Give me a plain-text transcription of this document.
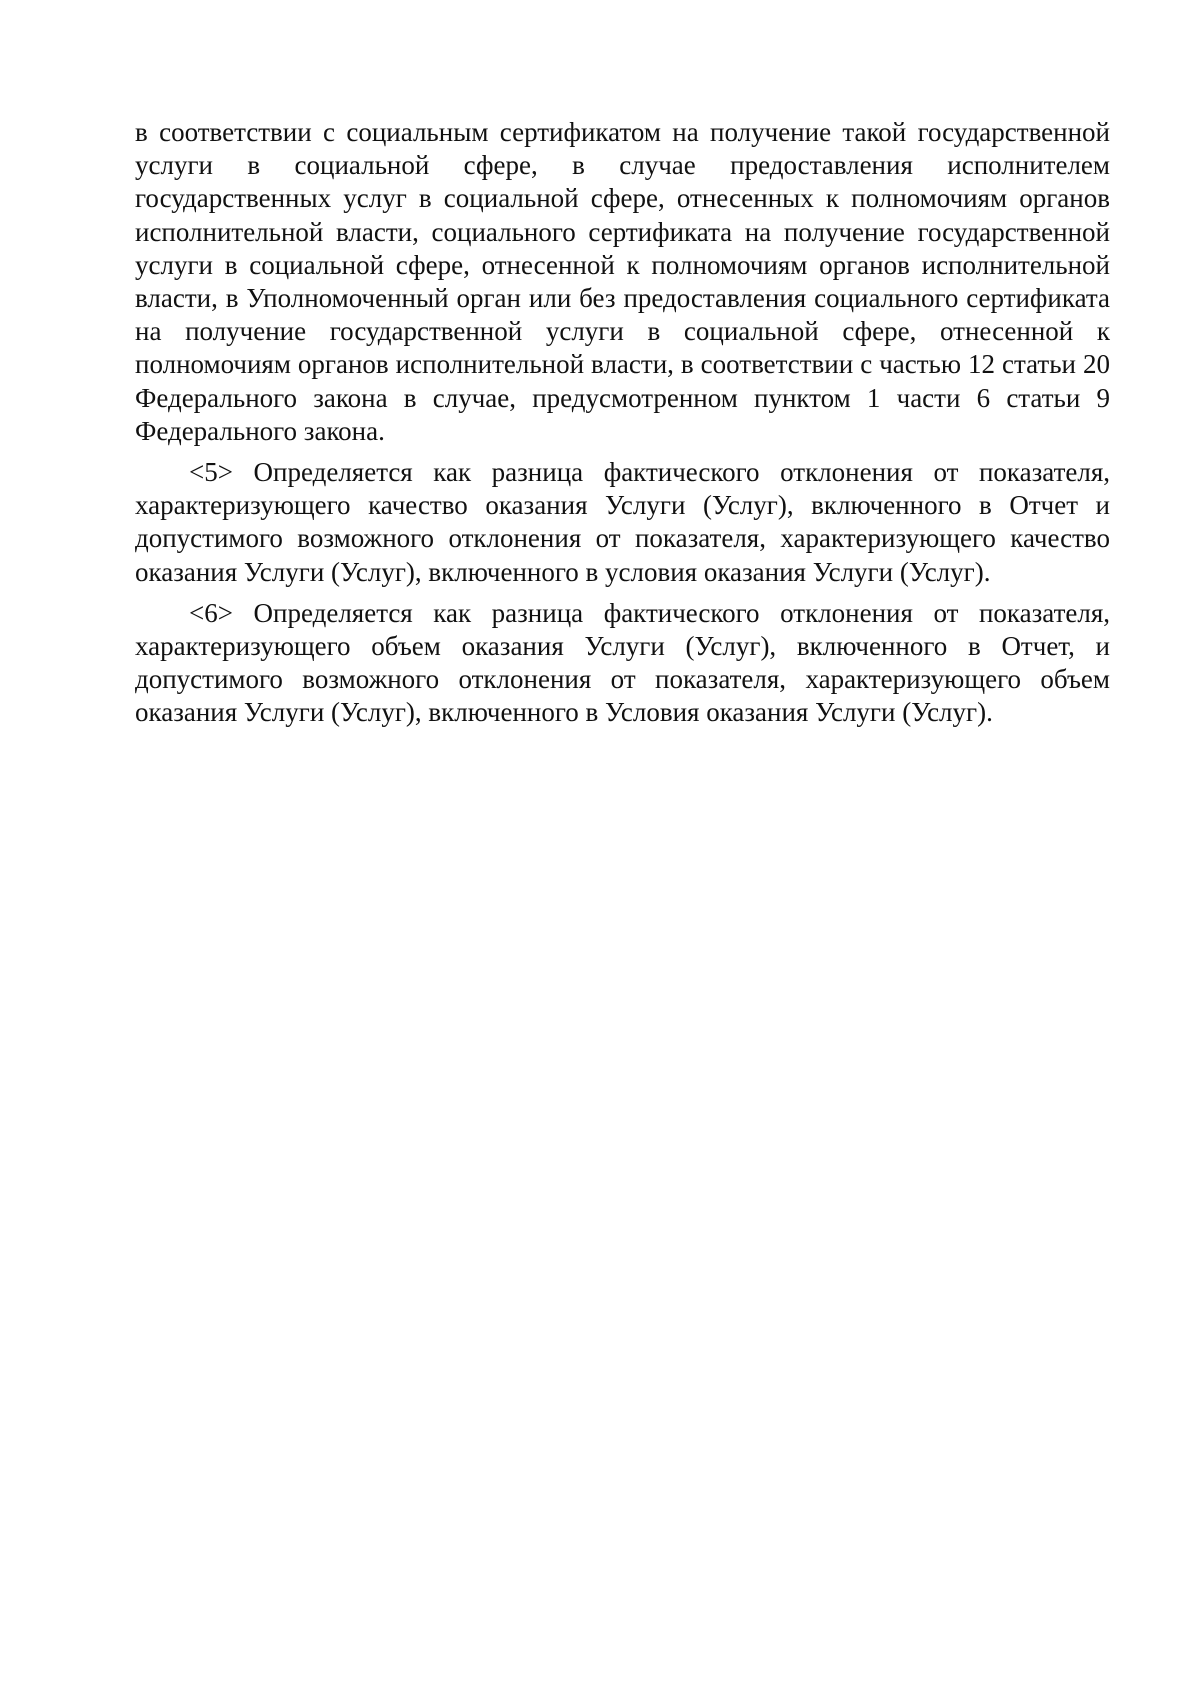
в соответствии с социальным сертификатом на получение такой государственной услуги в социальной сфере, в случае предоставления исполнителем государственных услуг в социальной сфере, отнесенных к полномочиям органов исполнительной власти, социального сертификата на получение государственной услуги в социальной сфере, отнесенной к полномочиям органов исполнительной власти, в Уполномоченный орган или без предоставления социального сертификата на получение государственной услуги в социальной сфере, отнесенной к полномочиям органов исполнительной власти, в соответствии с частью 12 статьи 20 Федерального закона в случае, предусмотренном пунктом 1 части 6 статьи 9 Федерального закона.

<5> Определяется как разница фактического отклонения от показателя, характеризующего качество оказания Услуги (Услуг), включенного в Отчет и допустимого возможного отклонения от показателя, характеризующего качество оказания Услуги (Услуг), включенного в условия оказания Услуги (Услуг).

<6> Определяется как разница фактического отклонения от показателя, характеризующего объем оказания Услуги (Услуг), включенного в Отчет, и допустимого возможного отклонения от показателя, характеризующего объем оказания Услуги (Услуг), включенного в Условия оказания Услуги (Услуг).
